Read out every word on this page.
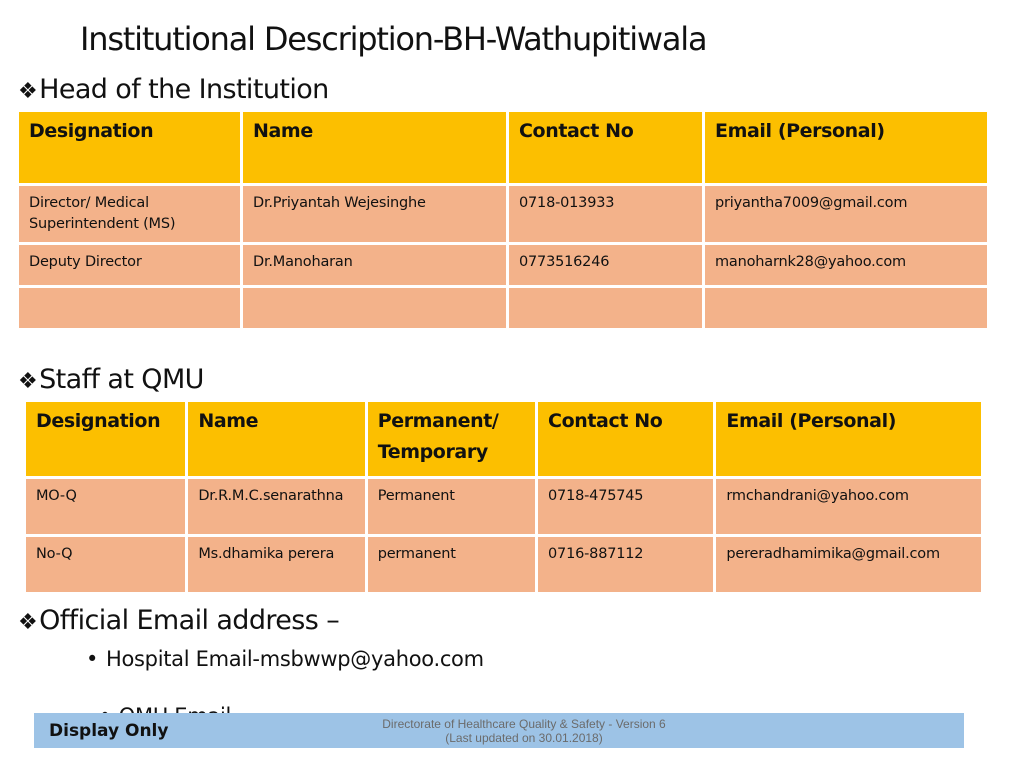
Institutional Description-BH-Wathupitiwala
❖Head of the Institution
Designation	Name	Contact No	Email (Personal)
Director/ Medical Superintendent (MS)	Dr.Priyantah Wejesinghe	0718-013933	priyantha7009@gmail.com
Deputy Director	Dr.Manoharan	0773516246	manoharnk28@yahoo.com

❖Staff at QMU
Designation	Name	Permanent/ Temporary	Contact No	Email (Personal)
MO-Q	Dr.R.M.C.senarathna	Permanent	0718-475745	rmchandrani@yahoo.com
No-Q	Ms.dhamika perera	permanent	0716-887112	pereradhamimika@gmail.com
❖Official Email address –
• Hospital Email-msbwwp@yahoo.com

Display Only	Directorate of Healthcare Quality & Safety - Version 6
(Last updated on 30.01.2018)
